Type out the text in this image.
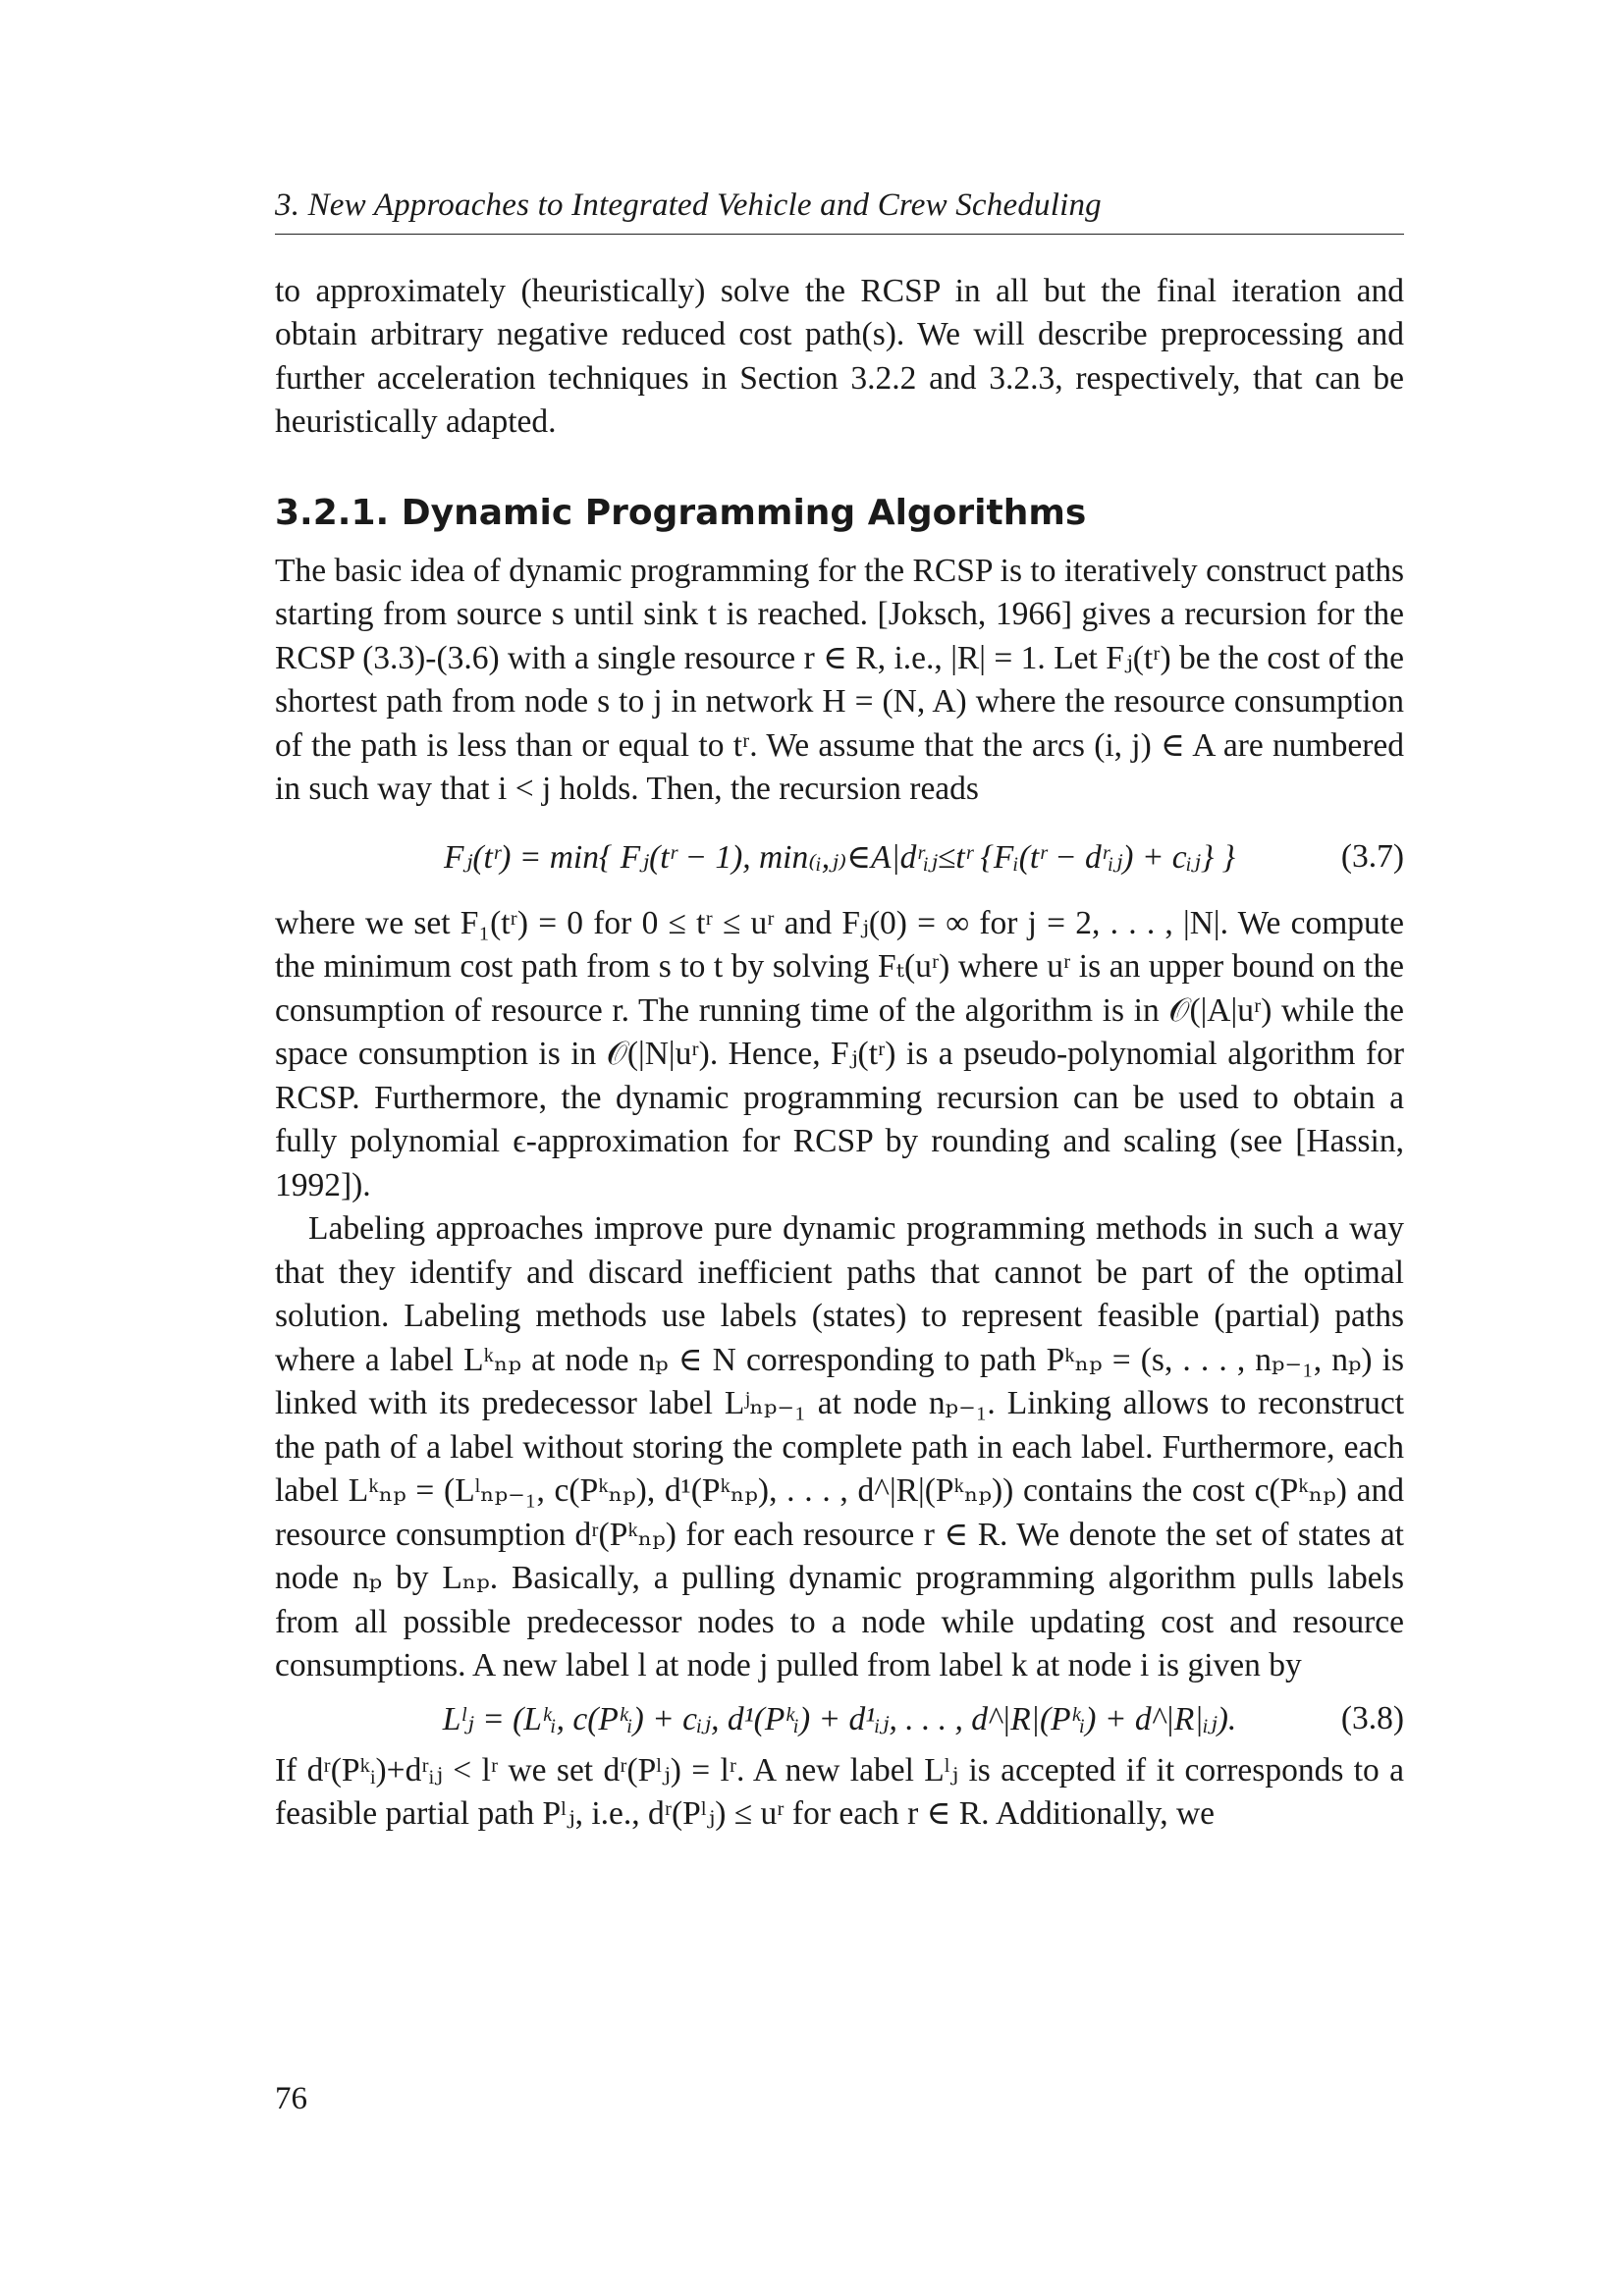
3. New Approaches to Integrated Vehicle and Crew Scheduling

to approximately (heuristically) solve the RCSP in all but the final iteration and obtain arbitrary negative reduced cost path(s). We will describe preprocessing and further acceleration techniques in Section 3.2.2 and 3.2.3, respectively, that can be heuristically adapted.

3.2.1. Dynamic Programming Algorithms

The basic idea of dynamic programming for the RCSP is to iteratively construct paths starting from source s until sink t is reached. [Joksch, 1966] gives a recursion for the RCSP (3.3)-(3.6) with a single resource r ∈ R, i.e., |R| = 1. Let Fⱼ(tʳ) be the cost of the shortest path from node s to j in network H = (N, A) where the resource consumption of the path is less than or equal to tʳ. We assume that the arcs (i, j) ∈ A are numbered in such way that i < j holds. Then, the recursion reads

Fⱼ(tʳ) = min{ Fⱼ(tʳ − 1), min₍ᵢ,ⱼ₎∈A|dʳᵢⱼ≤tʳ {Fᵢ(tʳ − dʳᵢⱼ) + cᵢⱼ} }	(3.7)

where we set F₁(tʳ) = 0 for 0 ≤ tʳ ≤ uʳ and Fⱼ(0) = ∞ for j = 2, . . . , |N|. We compute the minimum cost path from s to t by solving Fₜ(uʳ) where uʳ is an upper bound on the consumption of resource r. The running time of the algorithm is in 𝒪(|A|uʳ) while the space consumption is in 𝒪(|N|uʳ). Hence, Fⱼ(tʳ) is a pseudo-polynomial algorithm for RCSP. Furthermore, the dynamic programming recursion can be used to obtain a fully polynomial ϵ-approximation for RCSP by rounding and scaling (see [Hassin, 1992]).

Labeling approaches improve pure dynamic programming methods in such a way that they identify and discard inefficient paths that cannot be part of the optimal solution. Labeling methods use labels (states) to represent feasible (partial) paths where a label Lᵏₙₚ at node nₚ ∈ N corresponding to path Pᵏₙₚ = (s, . . . , nₚ₋₁, nₚ) is linked with its predecessor label Lʲₙₚ₋₁ at node nₚ₋₁. Linking allows to reconstruct the path of a label without storing the complete path in each label. Furthermore, each label Lᵏₙₚ = (Lˡₙₚ₋₁, c(Pᵏₙₚ), d¹(Pᵏₙₚ), . . . , d^|R|(Pᵏₙₚ)) contains the cost c(Pᵏₙₚ) and resource consumption dʳ(Pᵏₙₚ) for each resource r ∈ R. We denote the set of states at node nₚ by Lₙₚ. Basically, a pulling dynamic programming algorithm pulls labels from all possible predecessor nodes to a node while updating cost and resource consumptions. A new label l at node j pulled from label k at node i is given by

Lˡⱼ = (Lᵏᵢ, c(Pᵏᵢ) + cᵢⱼ, d¹(Pᵏᵢ) + d¹ᵢⱼ, . . . , d^|R|(Pᵏᵢ) + d^|R|ᵢⱼ).	(3.8)

If dʳ(Pᵏᵢ)+dʳᵢⱼ < lʳ we set dʳ(Pˡⱼ) = lʳ. A new label Lˡⱼ is accepted if it corresponds to a feasible partial path Pˡⱼ, i.e., dʳ(Pˡⱼ) ≤ uʳ for each r ∈ R. Additionally, we

76
